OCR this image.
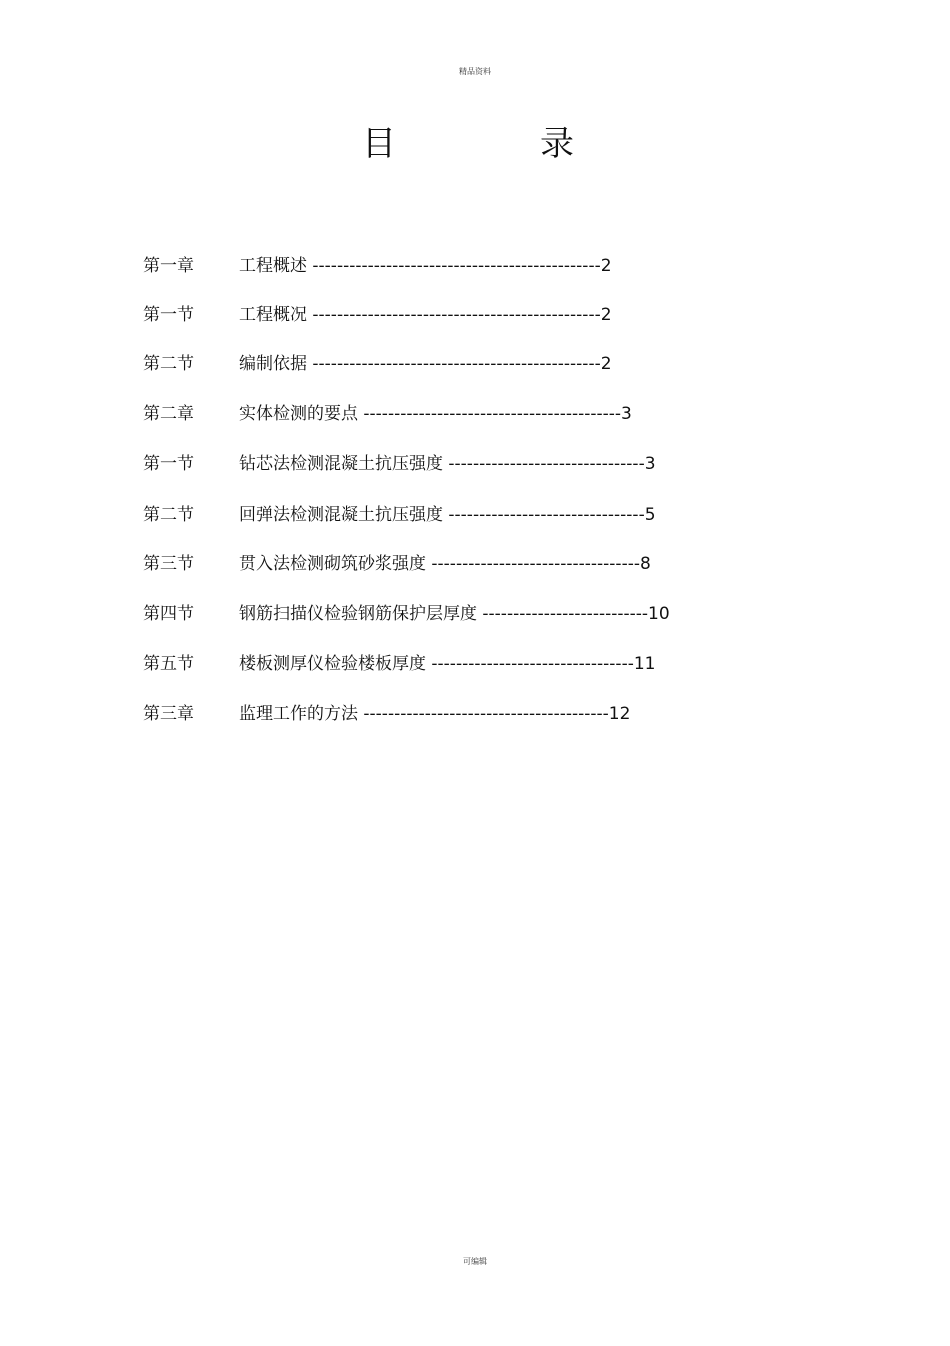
精品资料
目	录
第一章	工程概述 -----------------------------------------------2
第一节	工程概况 -----------------------------------------------2
第二节	编制依据 -----------------------------------------------2
第二章	实体检测的要点 ------------------------------------------3
第一节	钻芯法检测混凝土抗压强度 --------------------------------3
第二节	回弹法检测混凝土抗压强度 --------------------------------5
第三节	贯入法检测砌筑砂浆强度 ----------------------------------8
第四节	钢筋扫描仪检验钢筋保护层厚度 ---------------------------10
第五节	楼板测厚仪检验楼板厚度 ---------------------------------11
第三章	监理工作的方法 ----------------------------------------12
可编辑
